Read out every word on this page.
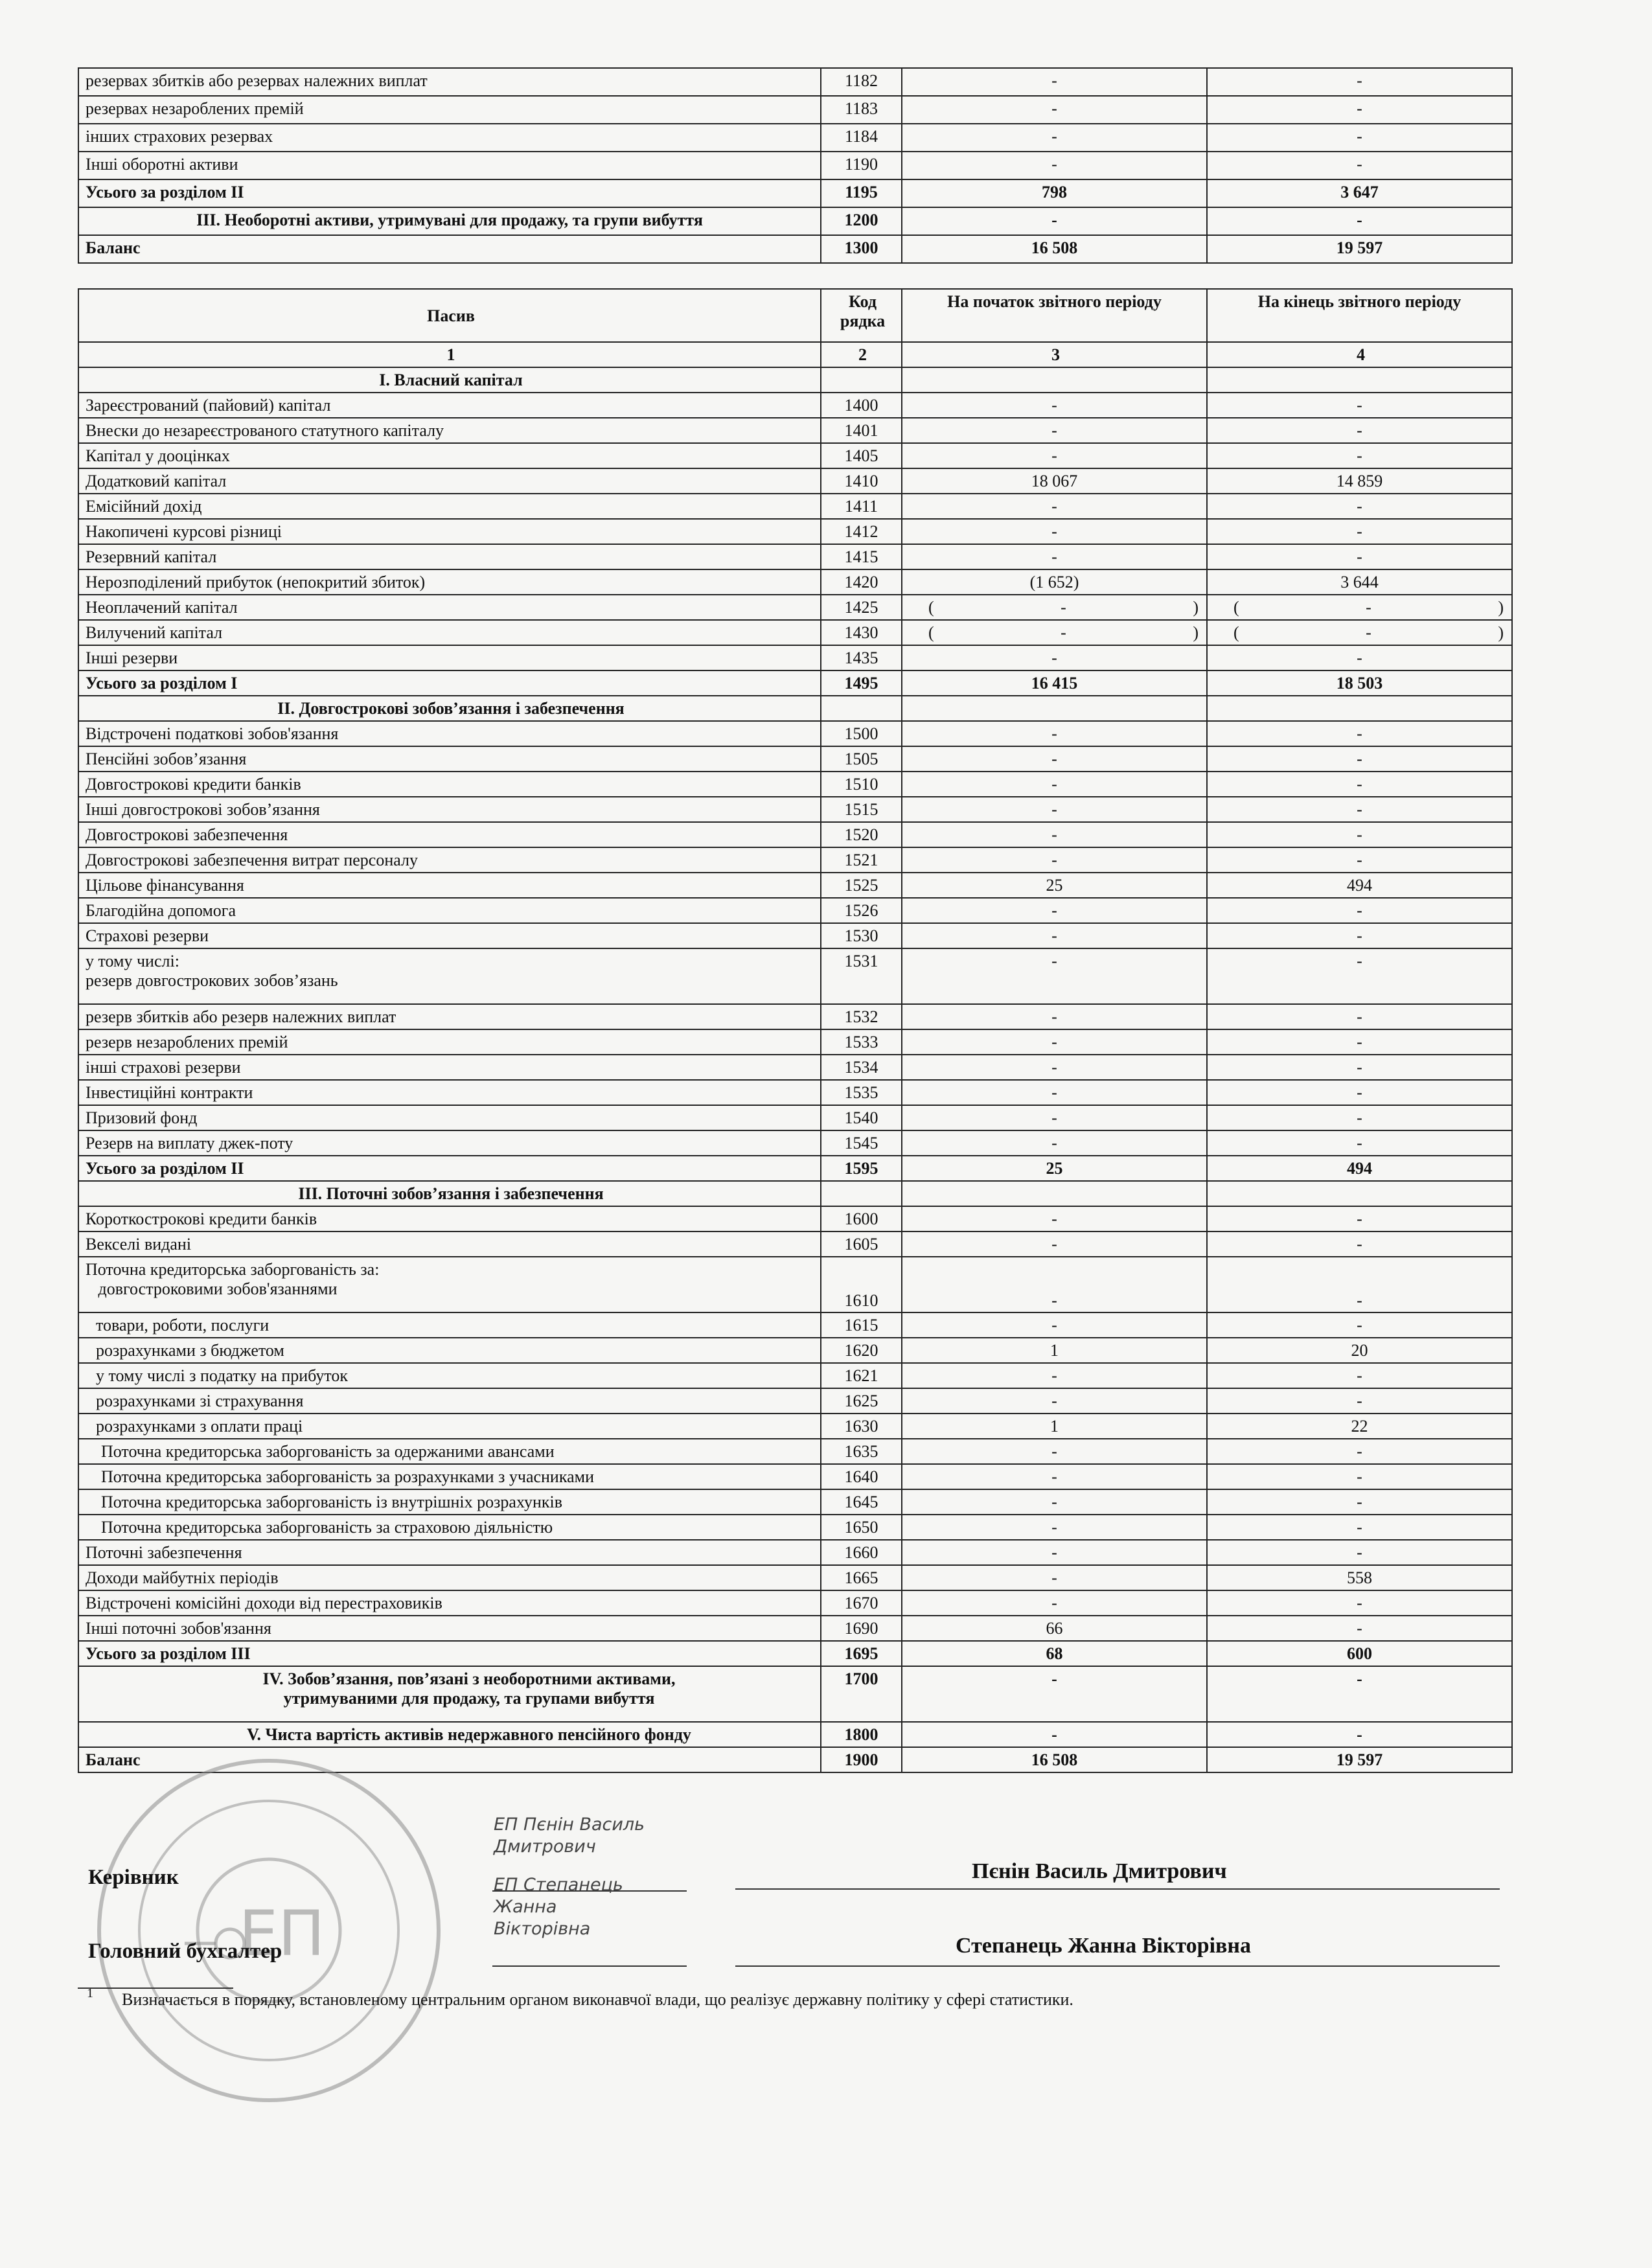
резервах збитків або резервах належних виплат	1182	-	-
резервах незароблених премій	1183	-	-
інших страхових резервах	1184	-	-
Інші оборотні активи	1190	-	-
Усього за розділом II	1195	798	3 647
ІІІ. Необоротні активи, утримувані для продажу, та групи вибуття	1200	-	-
Баланс	1300	16 508	19 597
Пасив	Код рядка	На початок звітного періоду	На кінець звітного періоду
1	2	3	4
I. Власний капітал			
Зареєстрований (пайовий) капітал	1400	-	-
Внески до незареєстрованого статутного капіталу	1401	-	-
Капітал у дооцінках	1405	-	-
Додатковий капітал	1410	18 067	14 859
Емісійний дохід	1411	-	-
Накопичені курсові різниці	1412	-	-
Резервний капітал	1415	-	-
Нерозподілений прибуток (непокритий збиток)	1420	(1 652)	3 644
Неоплачений капітал	1425	( - )	( - )

Вилучений капітал	1430	( - )	( - )

Інші резерви	1435	-	-
Усього за розділом I	1495	16 415	18 503
II. Довгострокові зобов’язання і забезпечення			
Відстрочені податкові зобов'язання	1500	-	-
Пенсійні зобов’язання	1505	-	-
Довгострокові кредити банків	1510	-	-
Інші довгострокові зобов’язання	1515	-	-
Довгострокові забезпечення	1520	-	-
Довгострокові забезпечення витрат персоналу	1521	-	-
Цільове фінансування	1525	25	494
Благодійна допомога	1526	-	-
Страхові резерви	1530	-	-
у тому числі:
резерв довгострокових зобов’язань	1531	-	-
резерв збитків або резерв належних виплат	1532	-	-
резерв незароблених премій	1533	-	-
інші страхові резерви	1534	-	-
Інвестиційні контракти	1535	-	-
Призовий фонд	1540	-	-
Резерв на виплату джек-поту	1545	-	-
Усього за розділом II	1595	25	494
ІІІ. Поточні зобов’язання і забезпечення			
Короткострокові кредити банків	1600	-	-
Векселі видані	1605	-	-
Поточна кредиторська заборгованість за:
довгостроковими зобов'язаннями	1610	-	-
товари, роботи, послуги	1615	-	-
розрахунками з бюджетом	1620	1	20
у тому числі з податку на прибуток	1621	-	-
розрахунками зі страхування	1625	-	-
розрахунками з оплати праці	1630	1	22
Поточна кредиторська заборгованість за одержаними авансами	1635	-	-
Поточна кредиторська заборгованість за розрахунками з учасниками	1640	-	-
Поточна кредиторська заборгованість із внутрішніх розрахунків	1645	-	-
Поточна кредиторська заборгованість за страховою діяльністю	1650	-	-
Поточні забезпечення	1660	-	-
Доходи майбутніх періодів	1665	-	558
Відстрочені комісійні доходи від перестраховиків	1670	-	-
Інші поточні зобов'язання	1690	66	-
Усього за розділом IІІ	1695	68	600
IV. Зобов’язання, пов’язані з необоротними активами,
утримуваними для продажу, та групами вибуття	1700	-	-
V. Чиста вартість активів недержавного пенсійного фонду	1800	-	-
Баланс	1900	16 508	19 597
ЕП
Керівник
ЕП Пєнін Василь
Дмитрович
Пєнін Василь Дмитрович
Головний бухгалтер
ЕП Степанець
Жанна
Вікторівна
Степанець Жанна Вікторівна
1 Визначається в порядку, встановленому центральним органом виконавчої влади, що реалізує державну політику у сфері статистики.
